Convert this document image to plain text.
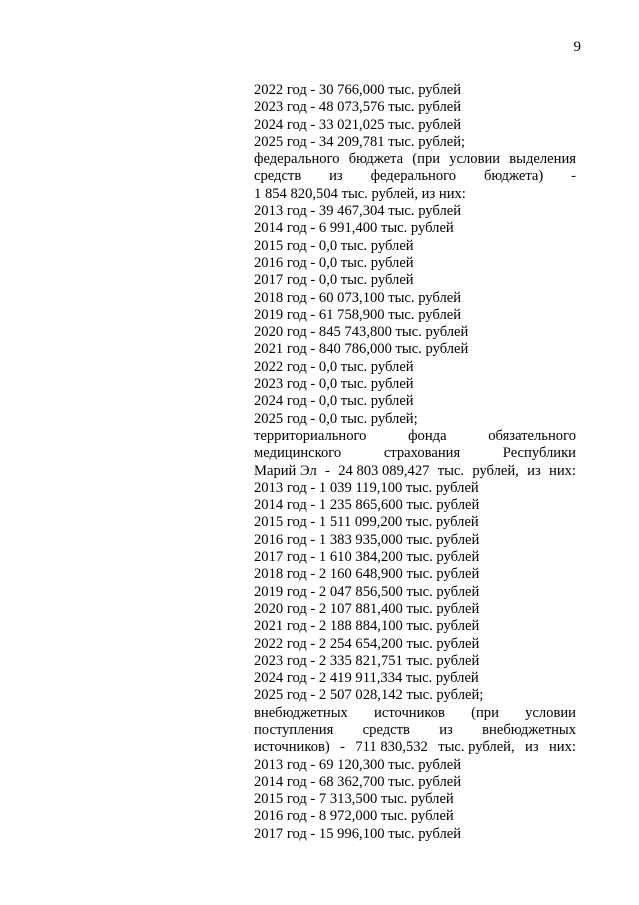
9
2022 год - 30 766,000 тыс. рублей
2023 год - 48 073,576 тыс. рублей
2024 год - 33 021,025 тыс. рублей
2025 год - 34 209,781 тыс. рублей;
федерального бюджета (при условии выделения
средств из федерального бюджета) -
1 854 820,504 тыс. рублей, из них:
2013 год - 39 467,304 тыс. рублей
2014 год - 6 991,400 тыс. рублей
2015 год - 0,0 тыс. рублей
2016 год - 0,0 тыс. рублей
2017 год - 0,0 тыс. рублей
2018 год - 60 073,100 тыс. рублей
2019 год - 61 758,900 тыс. рублей
2020 год - 845 743,800 тыс. рублей
2021 год - 840 786,000 тыс. рублей
2022 год - 0,0 тыс. рублей
2023 год - 0,0 тыс. рублей
2024 год - 0,0 тыс. рублей
2025 год - 0,0 тыс. рублей;
территориального	фонда	обязательного
медицинского	страхования	Республики
Марий Эл - 24 803 089,427 тыс. рублей, из них:
2013 год - 1 039 119,100 тыс. рублей
2014 год - 1 235 865,600 тыс. рублей
2015 год - 1 511 099,200 тыс. рублей
2016 год - 1 383 935,000 тыс. рублей
2017 год - 1 610 384,200 тыс. рублей
2018 год - 2 160 648,900 тыс. рублей
2019 год - 2 047 856,500 тыс. рублей
2020 год - 2 107 881,400 тыс. рублей
2021 год - 2 188 884,100 тыс. рублей
2022 год - 2 254 654,200 тыс. рублей
2023 год - 2 335 821,751 тыс. рублей
2024 год - 2 419 911,334 тыс. рублей
2025 год - 2 507 028,142 тыс. рублей;
внебюджетных источников (при условии
поступления средств из внебюджетных
источников) - 711 830,532 тыс. рублей, из них:
2013 год - 69 120,300 тыс. рублей
2014 год - 68 362,700 тыс. рублей
2015 год - 7 313,500 тыс. рублей
2016 год - 8 972,000 тыс. рублей
2017 год - 15 996,100 тыс. рублей
